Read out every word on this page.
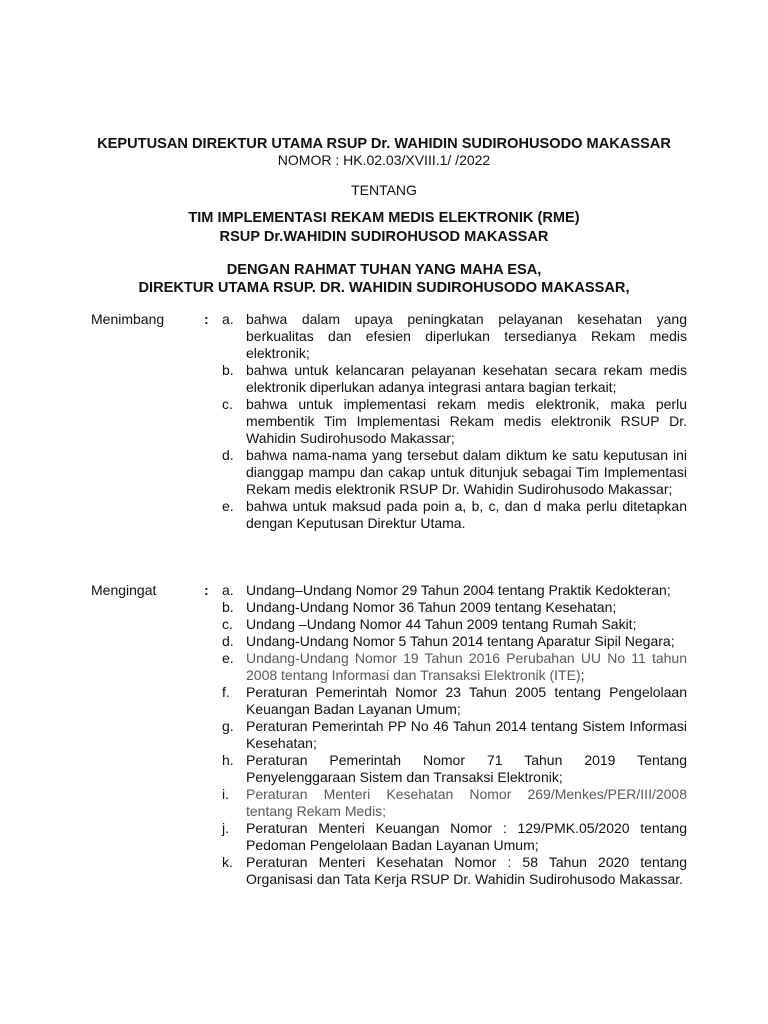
KEPUTUSAN DIREKTUR UTAMA RSUP Dr. WAHIDIN SUDIROHUSODO MAKASSAR
NOMOR : HK.02.03/XVIII.1/ /2022
TENTANG
TIM IMPLEMENTASI REKAM MEDIS ELEKTRONIK (RME)
RSUP Dr.WAHIDIN SUDIROHUSOD MAKASSAR
DENGAN RAHMAT TUHAN YANG MAHA ESA,
DIREKTUR UTAMA RSUP. DR. WAHIDIN SUDIROHUSODO MAKASSAR,
Menimbang	: a. bahwa dalam upaya peningkatan pelayanan kesehatan yang berkualitas dan efesien diperlukan tersedianya Rekam medis elektronik;
b. bahwa untuk kelancaran pelayanan kesehatan secara rekam medis elektronik diperlukan adanya integrasi antara bagian terkait;
c. bahwa untuk implementasi rekam medis elektronik, maka perlu membentik Tim Implementasi Rekam medis elektronik RSUP Dr. Wahidin Sudirohusodo Makassar;
d. bahwa nama-nama yang tersebut dalam diktum ke satu keputusan ini dianggap mampu dan cakap untuk ditunjuk sebagai Tim Implementasi Rekam medis elektronik RSUP Dr. Wahidin Sudirohusodo Makassar;
e. bahwa untuk maksud pada poin a, b, c, dan d maka perlu ditetapkan dengan Keputusan Direktur Utama.
Mengingat	: a. Undang–Undang Nomor 29 Tahun 2004 tentang Praktik Kedokteran;
b. Undang-Undang Nomor 36 Tahun 2009 tentang Kesehatan;
c. Undang –Undang Nomor 44 Tahun 2009 tentang Rumah Sakit;
d. Undang-Undang Nomor 5 Tahun 2014 tentang Aparatur Sipil Negara;
e. Undang-Undang Nomor 19 Tahun 2016 Perubahan UU No 11 tahun 2008 tentang Informasi dan Transaksi Elektronik (ITE);
f.	Peraturan Pemerintah Nomor 23 Tahun 2005 tentang Pengelolaan Keuangan Badan Layanan Umum;
g. Peraturan Pemerintah PP No 46 Tahun 2014 tentang Sistem Informasi Kesehatan;
h. Peraturan Pemerintah Nomor 71 Tahun 2019 Tentang Penyelenggaraan Sistem dan Transaksi Elektronik;
i.	Peraturan Menteri Kesehatan Nomor 269/Menkes/PER/III/2008 tentang Rekam Medis;
j.	Peraturan Menteri Keuangan Nomor : 129/PMK.05/2020 tentang Pedoman Pengelolaan Badan Layanan Umum;
k. Peraturan Menteri Kesehatan Nomor : 58 Tahun 2020 tentang Organisasi dan Tata Kerja RSUP Dr. Wahidin Sudirohusodo Makassar.
